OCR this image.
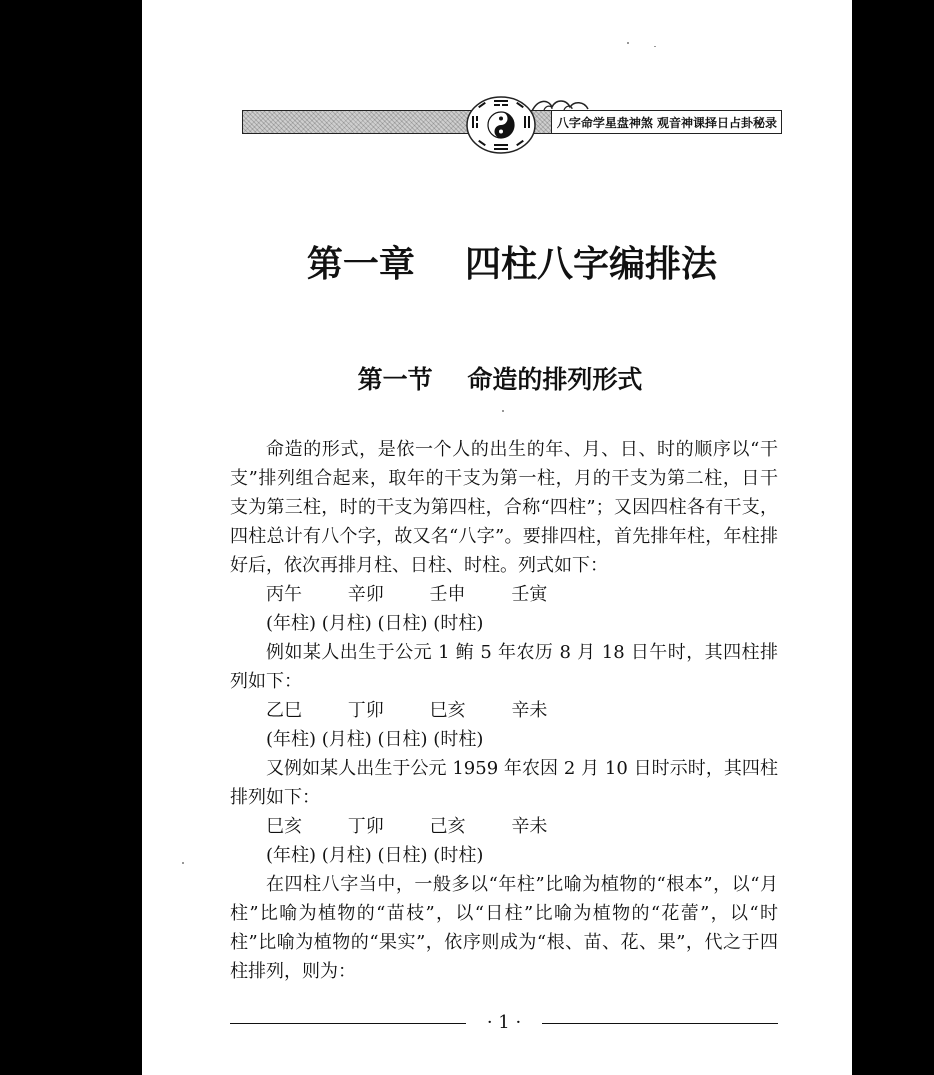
八字命学星盘神煞 观音神课择日占卦秘录
第一章    四柱八字编排法
第一节    命造的排列形式

命造的形式，是依一个人的出生的年、月、日、时的顺序以“干支”排列组合起来，取年的干支为第一柱，月的干支为第二柱，日干支为第三柱，时的干支为第四柱，合称“四柱”；又因四柱各有干支，四柱总计有八个字，故又名“八字”。要排四柱，首先排年柱，年柱排好后，依次再排月柱、日柱、时柱。列式如下：

丙午        辛卯        壬申        壬寅

(年柱) (月柱) (日柱) (时柱)

例如某人出生于公元 1 鲔 5 年农历 8 月 18 日午时，其四柱排列如下：

乙巳        丁卯        巳亥        辛未

(年柱) (月柱) (日柱) (时柱)

又例如某人出生于公元 1959 年农因 2 月 10 日时示时，其四柱排列如下：

巳亥        丁卯        己亥        辛未

(年柱) (月柱) (日柱) (时柱)

在四柱八字当中，一般多以“年柱”比喻为植物的“根本”，以“月柱”比喻为植物的“苗枝”，以“日柱”比喻为植物的“花蕾”，以“时柱”比喻为植物的“果实”，依序则成为“根、苗、花、果”，代之于四柱排列，则为：

· 1 ·
